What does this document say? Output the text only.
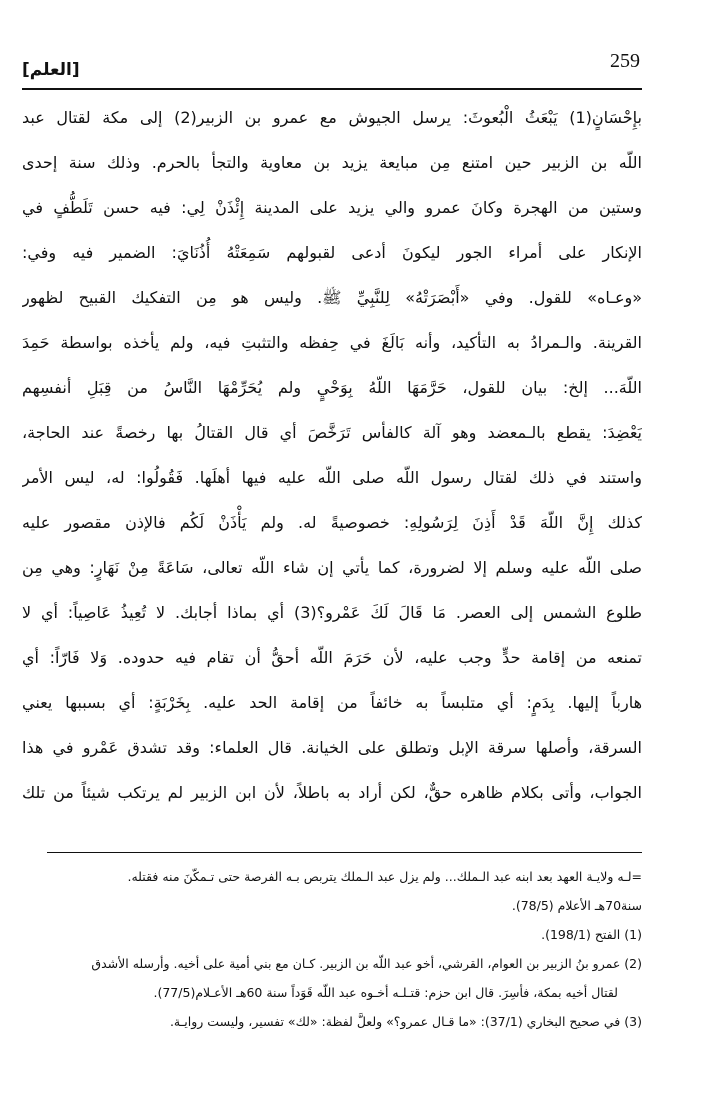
259
[العلم]
بإِحْسَانٍ(1) يَبْعَثُ الْبُعوثَ: يرسل الجيوش مع عمرو بن الزبير(2) إلى مكة لقتال عبد
اللّه بن الزبير حين امتنع مِن مبايعة يزيد بن معاوية والتجأ بالحرم. وذلك سنة إحدى
وستين من الهجرة وكانَ عمرو والي يزيد على المدينة إِئْذَنْ لِي: فيه حسن تَلَطُّفٍ في
الإنكار على أمراء الجور ليكونَ أدعى لقبولهم سَمِعَتْهُ أُذُنَايَ: الضمير فيه وفي:
«وعـاه» للقول. وفي «أَبْصَرَتْهُ» لِلنَّبِيِّ ﷺ. وليس هو مِن التفكيك القبيح لظهور
القرينة. والـمرادُ به التأكيد، وأنه بَالَغَ في حِفظه والتثبتِ فيه، ولم يأخذه بواسطة حَمِدَ
اللّهَ... إلخ: بيان للقول، حَرَّمَهَا اللّهُ بِوَحْيٍ ولم يُحَرِّمْهَا النَّاسُ من قِبَلِ أنفسِهم
يَعْضِدَ: يقطع بالـمعضد وهو آلة كالفأس تَرَخَّصَ أي قال القتالُ بها رخصةً عند الحاجة،
واستند في ذلك لقتال رسول اللّه صلى اللّه عليه فيها أهلَها. فَقُولُوا: له، ليس الأمر
كذلك إِنَّ اللّهَ قَدْ أَذِنَ لِرَسُولِهِ: خصوصيةً له. ولم يَأْذَنْ لَكُم فالإذن مقصور عليه
صلى اللّه عليه وسلم إلا لضرورة، كما يأتي إن شاء اللّه تعالى، سَاعَةً مِنْ نَهَارٍ: وهي مِن
طلوع الشمس إلى العصر. مَا قَالَ لَكَ عَمْرو؟(3) أي بماذا أجابك. لا تُعِيذُ عَاصِياً: أي لا
تمنعه من إقامة حدٍّ وجب عليه، لأن حَرَمَ اللّه أحقُّ أن تقام فيه حدوده. وَلا فَارّاً: أي
هارباً إليها. بِدَمٍ: أي متلبساً به خائفاً من إقامة الحد عليه. بِخَرْبَةٍ: أي بسببها يعني
السرقة، وأصلها سرقة الإبل وتطلق على الخيانة. قال العلماء: وقد تشدق عَمْرو في هذا
الجواب، وأتى بكلام ظاهره حقٌّ، لكن أراد به باطلاً، لأن ابن الزبير لم يرتكب شيئاً من تلك
=لـه ولايـة العهد بعد ابنه عبد الـملك... ولم يزل عبد الـملك يتربص بـه الفرصة حتى تـمكّنَ منه فقتله.
سنة70هـ الأعلام (78/5).
(1) الفتح (198/1).
(2) عمرو بنُ الزبير بن العوام، القرشي، أخو عبد اللّه بن الزبير. كـان مع بني أمية على أخيه. وأرسله الأشدق
لقتال أخيه بمكة، فأسِرَ. قال ابن حزم: قتـلـه أخـوه عبد اللّه قَوَداً سنة 60هـ الأعـلام(77/5).
(3) في صحيح البخاري (37/1): «ما قـال عمرو؟» ولعلَّ لفظة: «لك» تفسير، وليست روايـة.
